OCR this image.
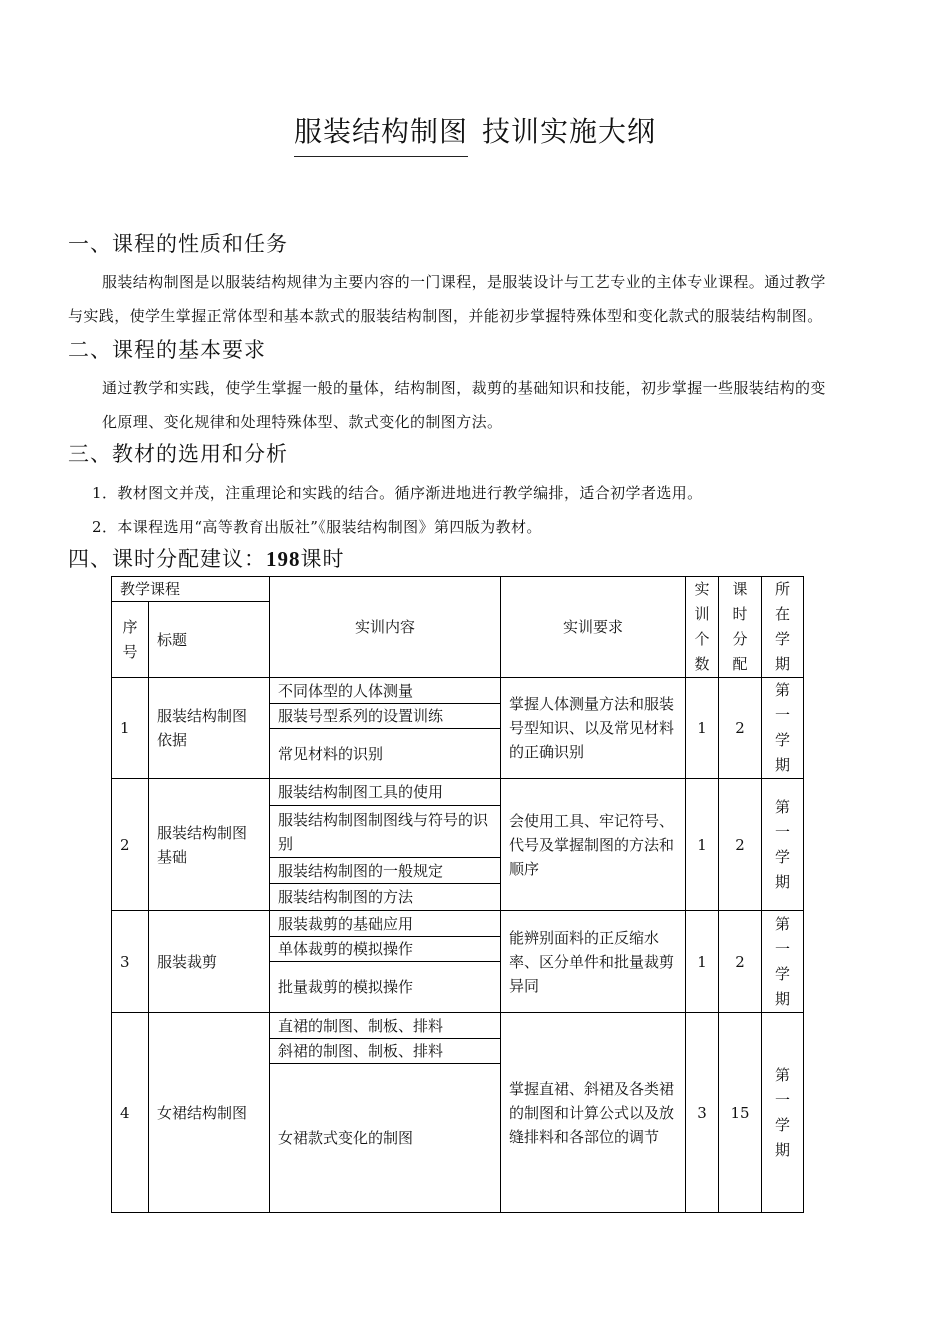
服装结构制图 技训实施大纲
一、课程的性质和任务
服装结构制图是以服装结构规律为主要内容的一门课程，是服装设计与工艺专业的主体专业课程。通过教学
与实践，使学生掌握正常体型和基本款式的服装结构制图，并能初步掌握特殊体型和变化款式的服装结构制图。
二、课程的基本要求
通过教学和实践，使学生掌握一般的量体，结构制图，裁剪的基础知识和技能，初步掌握一些服装结构的变
化原理、变化规律和处理特殊体型、款式变化的制图方法。
三、教材的选用和分析
1．教材图文并茂，注重理论和实践的结合。循序渐进地进行教学编排，适合初学者选用。
2．本课程选用“高等教育出版社”《服装结构制图》第四版为教材。
四、课时分配建议：198课时
教学课程		实训内容	实训要求	实训个数	课时分配	所在学期
序号	标题					
1	服装结构制图依据	不同体型的人体测量
服装号型系列的设置训练
常见材料的识别	掌握人体测量方法和服装号型知识、以及常见材料的正确识别	1	2	第一学期
2	服装结构制图基础	服装结构制图工具的使用
服装结构制图制图线与符号的识别
服装结构制图的一般规定
服装结构制图的方法	会使用工具、牢记符号、代号及掌握制图的方法和顺序	1	2	第一学期
3	服装裁剪	服装裁剪的基础应用
单体裁剪的模拟操作
批量裁剪的模拟操作	能辨别面料的正反缩水率、区分单件和批量裁剪异同	1	2	第一学期
4	女裙结构制图	直裙的制图、制板、排料
斜裙的制图、制板、排料
女裙款式变化的制图	掌握直裙、斜裙及各类裙的制图和计算公式以及放缝排料和各部位的调节	3	15	第一学期
